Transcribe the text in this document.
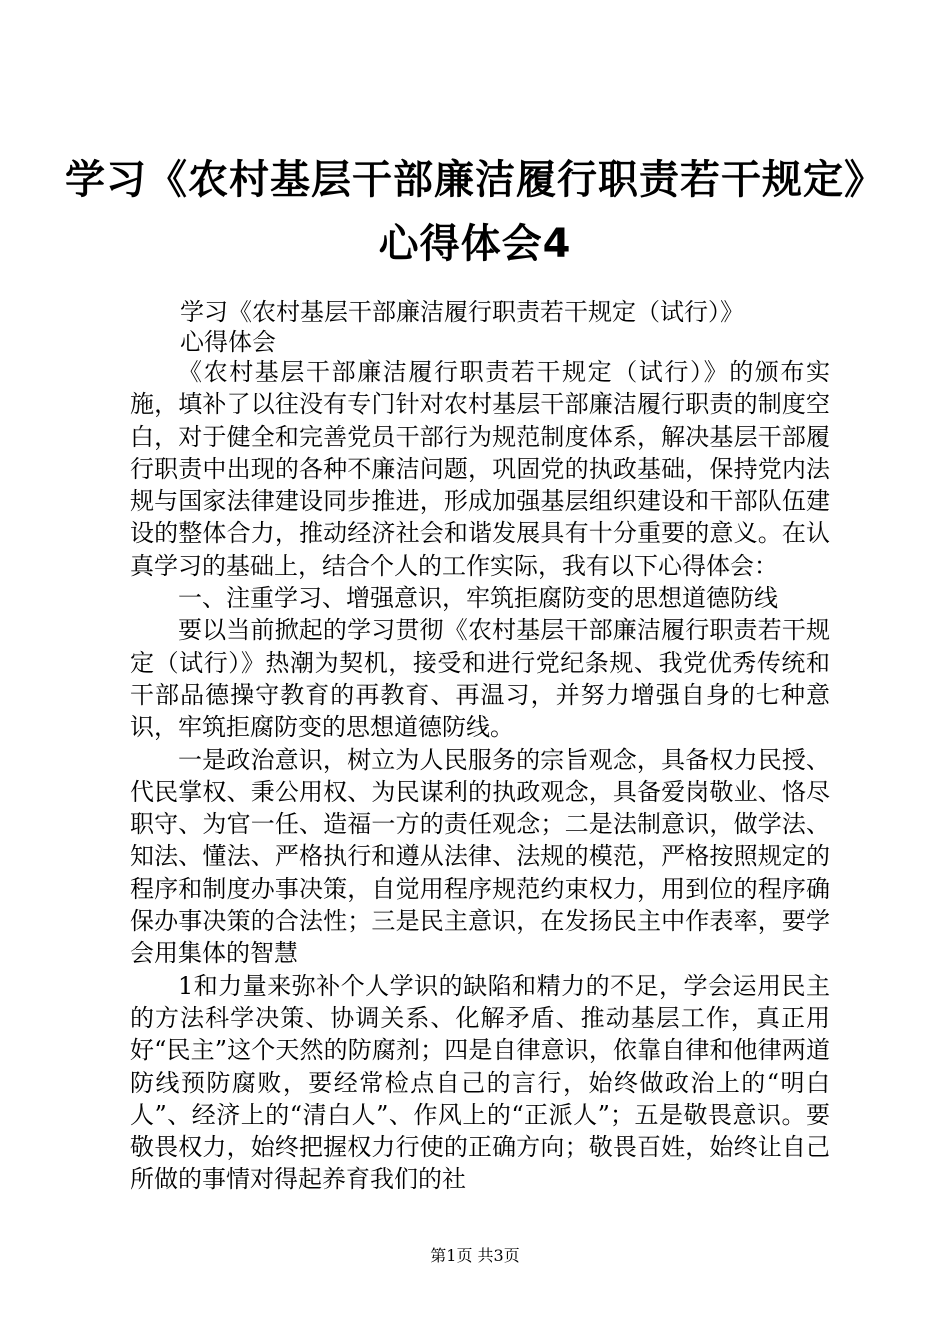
学习《农村基层干部廉洁履行职责若干规定》
心得体会4
学习《农村基层干部廉洁履行职责若干规定（试行）》
心得体会

《农村基层干部廉洁履行职责若干规定（试行）》的颁布实施，填补了以往没有专门针对农村基层干部廉洁履行职责的制度空白，对于健全和完善党员干部行为规范制度体系，解决基层干部履行职责中出现的各种不廉洁问题，巩固党的执政基础，保持党内法规与国家法律建设同步推进，形成加强基层组织建设和干部队伍建设的整体合力，推动经济社会和谐发展具有十分重要的意义。在认真学习的基础上，结合个人的工作实际，我有以下心得体会：

一、注重学习、增强意识，牢筑拒腐防变的思想道德防线

要以当前掀起的学习贯彻《农村基层干部廉洁履行职责若干规定（试行）》热潮为契机，接受和进行党纪条规、我党优秀传统和干部品德操守教育的再教育、再温习，并努力增强自身的七种意识，牢筑拒腐防变的思想道德防线。

一是政治意识，树立为人民服务的宗旨观念，具备权力民授、代民掌权、秉公用权、为民谋利的执政观念，具备爱岗敬业、恪尽职守、为官一任、造福一方的责任观念；二是法制意识，做学法、知法、懂法、严格执行和遵从法律、法规的模范，严格按照规定的程序和制度办事决策，自觉用程序规范约束权力，用到位的程序确保办事决策的合法性；三是民主意识，在发扬民主中作表率，要学会用集体的智慧

1和力量来弥补个人学识的缺陷和精力的不足，学会运用民主的方法科学决策、协调关系、化解矛盾、推动基层工作，真正用好“民主”这个天然的防腐剂；四是自律意识，依靠自律和他律两道防线预防腐败，要经常检点自己的言行，始终做政治上的“明白人”、经济上的“清白人”、作风上的“正派人”；五是敬畏意识。要敬畏权力，始终把握权力行使的正确方向；敬畏百姓，始终让自己所做的事情对得起养育我们的社

第1页 共3页
